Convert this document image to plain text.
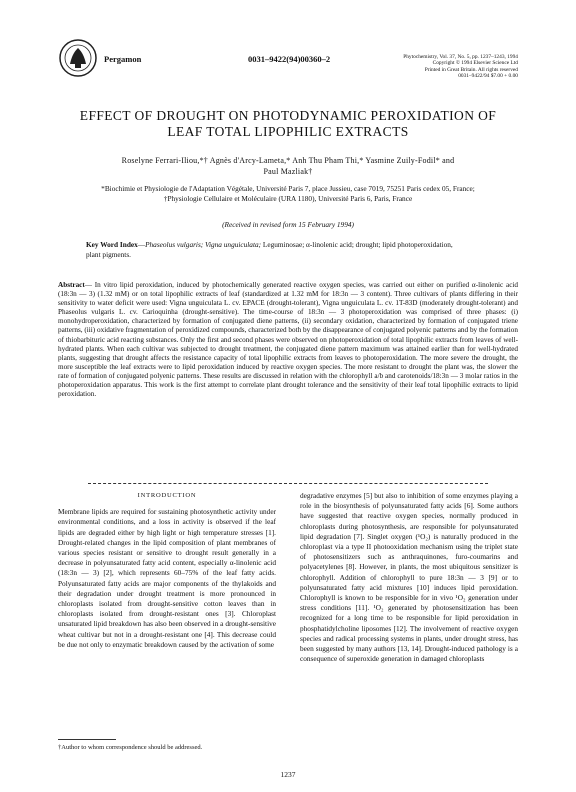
Pergamon	0031–9422(94)00360–2	Phytochemistry, Vol. 37, No. 5, pp. 1237–1243, 1994
Copyright © 1994 Elsevier Science Ltd
Printed in Great Britain. All rights reserved
0031–9422/94 $7.00 + 0.00
EFFECT OF DROUGHT ON PHOTODYNAMIC PEROXIDATION OF
LEAF TOTAL LIPOPHILIC EXTRACTS
Roselyne Ferrari-Iliou,*† Agnès d'Arcy-Lameta,* Anh Thu Pham Thi,* Yasmine Zuily-Fodil* and
Paul Mazliak†
*Biochimie et Physiologie de l'Adaptation Végétale, Université Paris 7, place Jussieu, case 7019, 75251 Paris cedex 05, France;
†Physiologie Cellulaire et Moléculaire (URA 1180), Université Paris 6, Paris, France
(Received in revised form 15 February 1994)
Key Word Index—Phaseolus vulgaris; Vigna unguiculata; Leguminosae; α-linolenic acid; drought; lipid photoperoxidation, plant pigments.
Abstract— In vitro lipid peroxidation, induced by photochemically generated reactive oxygen species, was carried out either on purified α-linolenic acid (18:3n — 3) (1.32 mM) or on total lipophilic extracts of leaf (standardized at 1.32 mM for 18:3n — 3 content). Three cultivars of plants differing in their sensitivity to water deficit were used: Vigna unguiculata L. cv. EPACE (drought-tolerant), Vigna unguiculata L. cv. 1T-83D (moderately drought-tolerant) and Phaseolus vulgaris L. cv. Carioquinha (drought-sensitive). The time-course of 18:3n — 3 photoperoxidation was comprised of three phases: (i) monohydroperoxidation, characterized by formation of conjugated diene patterns, (ii) secondary oxidation, characterized by formation of conjugated triene patterns, (iii) oxidative fragmentation of peroxidized compounds, characterized both by the disappearance of conjugated polyenic patterns and by the formation of thiobarbituric acid reacting substances. Only the first and second phases were observed on photoperoxidation of total lipophilic extracts from leaves of well-hydrated plants. When each cultivar was subjected to drought treatment, the conjugated diene pattern maximum was attained earlier than for well-hydrated plants, suggesting that drought affects the resistance capacity of total lipophilic extracts from leaves to photoperoxidation. The more severe the drought, the more susceptible the leaf extracts were to lipid peroxidation induced by reactive oxygen species. The more resistant to drought the plant was, the slower the rate of formation of conjugated polyenic patterns. These results are discussed in relation with the chlorophyll a/b and carotenoids/18:3n — 3 molar ratios in the photoperoxidation apparatus. This work is the first attempt to correlate plant drought tolerance and the sensitivity of their leaf total lipophilic extracts to lipid peroxidation.
INTRODUCTION
Membrane lipids are required for sustaining photosynthetic activity under environmental conditions, and a loss in activity is observed if the leaf lipids are degraded either by high light or high temperature stresses [1]. Drought-related changes in the lipid composition of plant membranes of various species resistant or sensitive to drought result generally in a decrease in polyunsaturated fatty acid content, especially α-linolenic acid (18:3n — 3) [2], which represents 60–75% of the leaf fatty acids. Polyunsaturated fatty acids are major components of the thylakoids and their degradation under drought treatment is more pronounced in chloroplasts isolated from drought-sensitive cotton leaves than in chloroplasts isolated from drought-resistant ones [3]. Chloroplast unsaturated lipid breakdown has also been observed in a drought-sensitive wheat cultivar but not in a drought-resistant one [4]. This decrease could be due not only to enzymatic breakdown caused by the activation of some
degradative enzymes [5] but also to inhibition of some enzymes playing a role in the biosynthesis of polyunsaturated fatty acids [6]. Some authors have suggested that reactive oxygen species, normally produced in chloroplasts during photosynthesis, are responsible for polyunsaturated lipid degradation [7]. Singlet oxygen (¹O₂) is naturally produced in the chloroplast via a type II photooxidation mechanism using the triplet state of photosensitizers such as anthraquinones, furo-coumarins and polyacetylenes [8]. However, in plants, the most ubiquitous sensitizer is chlorophyll. Addition of chlorophyll to pure 18:3n — 3 [9] or to polyunsaturated fatty acid mixtures [10] induces lipid peroxidation. Chlorophyll is known to be responsible for in vivo ¹O₂ generation under stress conditions [11]. ¹O₂ generated by photosensitization has been recognized for a long time to be responsible for lipid peroxidation in phosphatidylcholine liposomes [12]. The involvement of reactive oxygen species and radical processing systems in plants, under drought stress, has been suggested by many authors [13, 14]. Drought-induced pathology is a consequence of superoxide generation in damaged chloroplasts
†Author to whom correspondence should be addressed.
1237
